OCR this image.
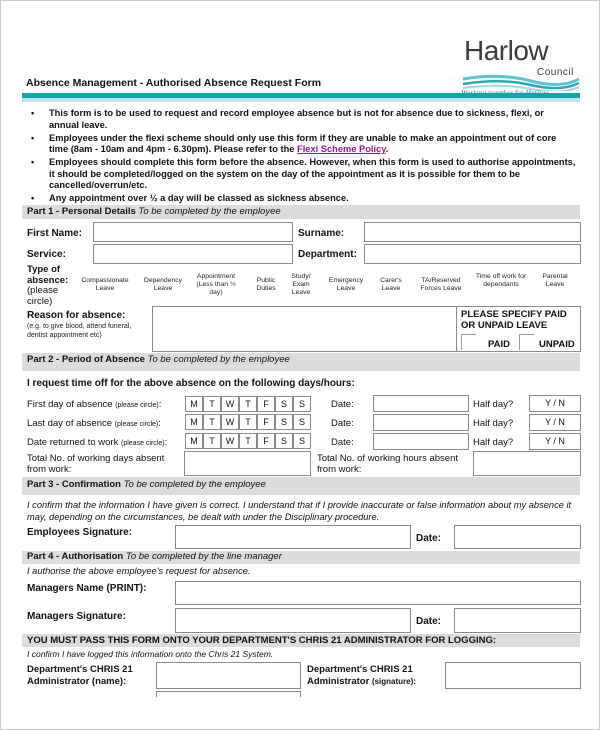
Harlow
Council
Absence Management - Authorised Absence Request Form
• This form is to be used to request and record employee absence but is not for absence due to sickness, flexi, or annual leave.
• Employees under the flexi scheme should only use this form if they are unable to make an appointment out of core time (8am - 10am and 4pm - 6.30pm). Please refer to the Flexi Scheme Policy.
• Employees should complete this form before the absence. However, when this form is used to authorise appointments, it should be completed/logged on the system on the day of the appointment as it is possible for them to be cancelled/overrun/etc.
• Any appointment over ½ a day will be classed as sickness absence.
Part 1 - Personal Details To be completed by the employee
First Name:	Surname:
Service:	Department:
Type of
absence:
(please
circle)
Compassionate Leave
Dependency Leave
Appointment (Less than ½ day)
Public Duties
Study/ Exam Leave
Emergency Leave
Carer's Leave
TA/Reserved Forces Leave
Time off work for dependants
Parental Leave
Reason for absence:
(e.g. to give blood, attend funeral, dentist appointment etc)
PLEASE SPECIFY PAID OR UNPAID LEAVE
PAID	UNPAID
Part 2 - Period of Absence To be completed by the employee
I request time off for the above absence on the following days/hours:
First day of absence (please circle):	M	T	W	T	F	S	S	Date:	Half day?	Y / N
Last day of absence (please circle):	M	T	W	T	F	S	S	Date:	Half day?	Y / N
Date returned to work (please circle):	M	T	W	T	F	S	S	Date:	Half day?	Y / N
Total No. of working days absent from work:
Total No. of working hours absent from work:
Part 3 - Confirmation To be completed by the employee
I confirm that the information I have given is correct. I understand that if I provide inaccurate or false information about my absence it may, depending on the circumstances, be dealt with under the Disciplinary procedure.
Employees Signature:
Date:
Part 4 - Authorisation To be completed by the line manager
I authorise the above employee's request for absence.
Managers Name (PRINT):
Managers Signature:	Date:
YOU MUST PASS THIS FORM ONTO YOUR DEPARTMENT'S CHRIS 21 ADMINISTRATOR FOR LOGGING:
I confirm I have logged this information onto the Chris 21 System.
Department's CHRIS 21
Administrator (name):
Department's CHRIS 21
Administrator (signature):
